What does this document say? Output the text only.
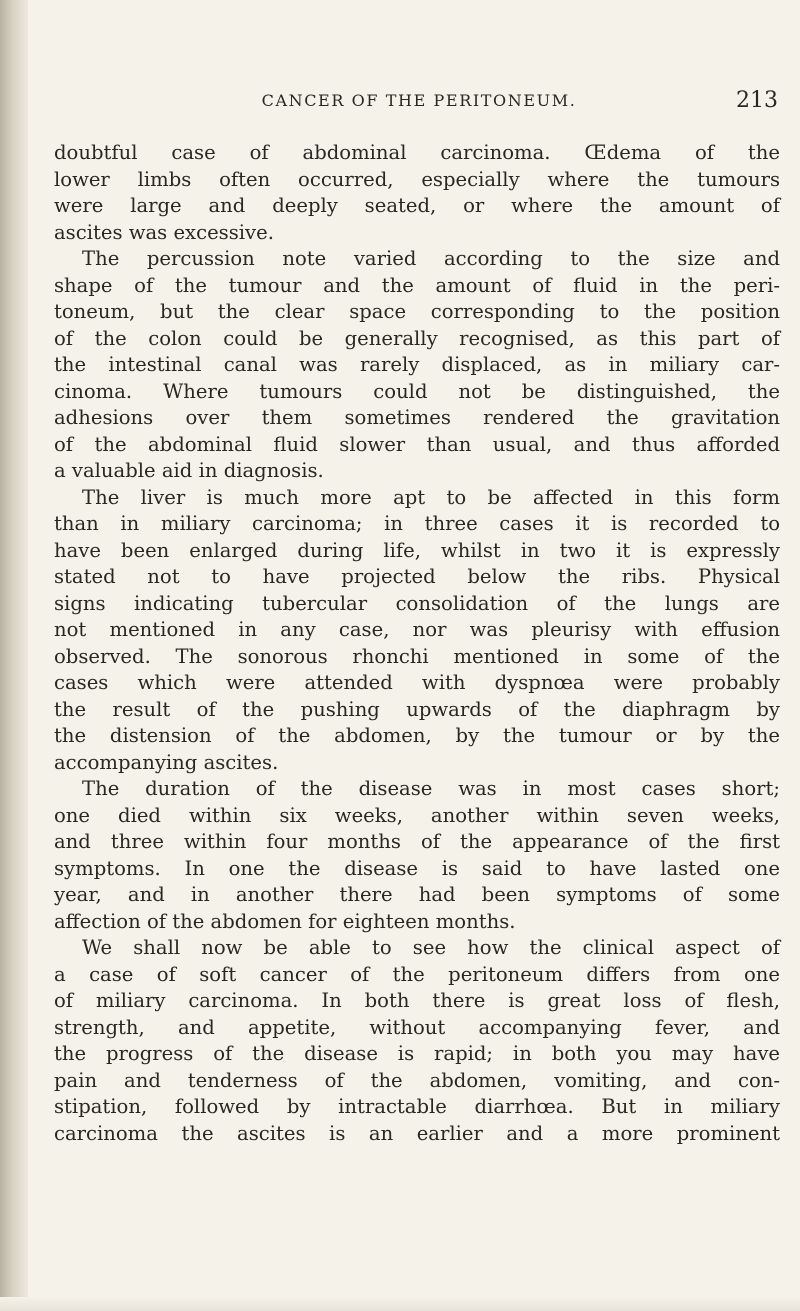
CANCER OF THE PERITONEUM.	213
doubtful case of abdominal carcinoma. Œdema of the
lower limbs often occurred, especially where the tumours
were large and deeply seated, or where the amount of
ascites was excessive.
The percussion note varied according to the size and
shape of the tumour and the amount of fluid in the peri-
toneum, but the clear space corresponding to the position
of the colon could be generally recognised, as this part of
the intestinal canal was rarely displaced, as in miliary car-
cinoma. Where tumours could not be distinguished, the
adhesions over them sometimes rendered the gravitation
of the abdominal fluid slower than usual, and thus afforded
a valuable aid in diagnosis.
The liver is much more apt to be affected in this form
than in miliary carcinoma; in three cases it is recorded to
have been enlarged during life, whilst in two it is expressly
stated not to have projected below the ribs. Physical
signs indicating tubercular consolidation of the lungs are
not mentioned in any case, nor was pleurisy with effusion
observed. The sonorous rhonchi mentioned in some of the
cases which were attended with dyspnœa were probably
the result of the pushing upwards of the diaphragm by
the distension of the abdomen, by the tumour or by the
accompanying ascites.
The duration of the disease was in most cases short;
one died within six weeks, another within seven weeks,
and three within four months of the appearance of the first
symptoms. In one the disease is said to have lasted one
year, and in another there had been symptoms of some
affection of the abdomen for eighteen months.
We shall now be able to see how the clinical aspect of
a case of soft cancer of the peritoneum differs from one
of miliary carcinoma. In both there is great loss of flesh,
strength, and appetite, without accompanying fever, and
the progress of the disease is rapid; in both you may have
pain and tenderness of the abdomen, vomiting, and con-
stipation, followed by intractable diarrhœa. But in miliary
carcinoma the ascites is an earlier and a more prominent
